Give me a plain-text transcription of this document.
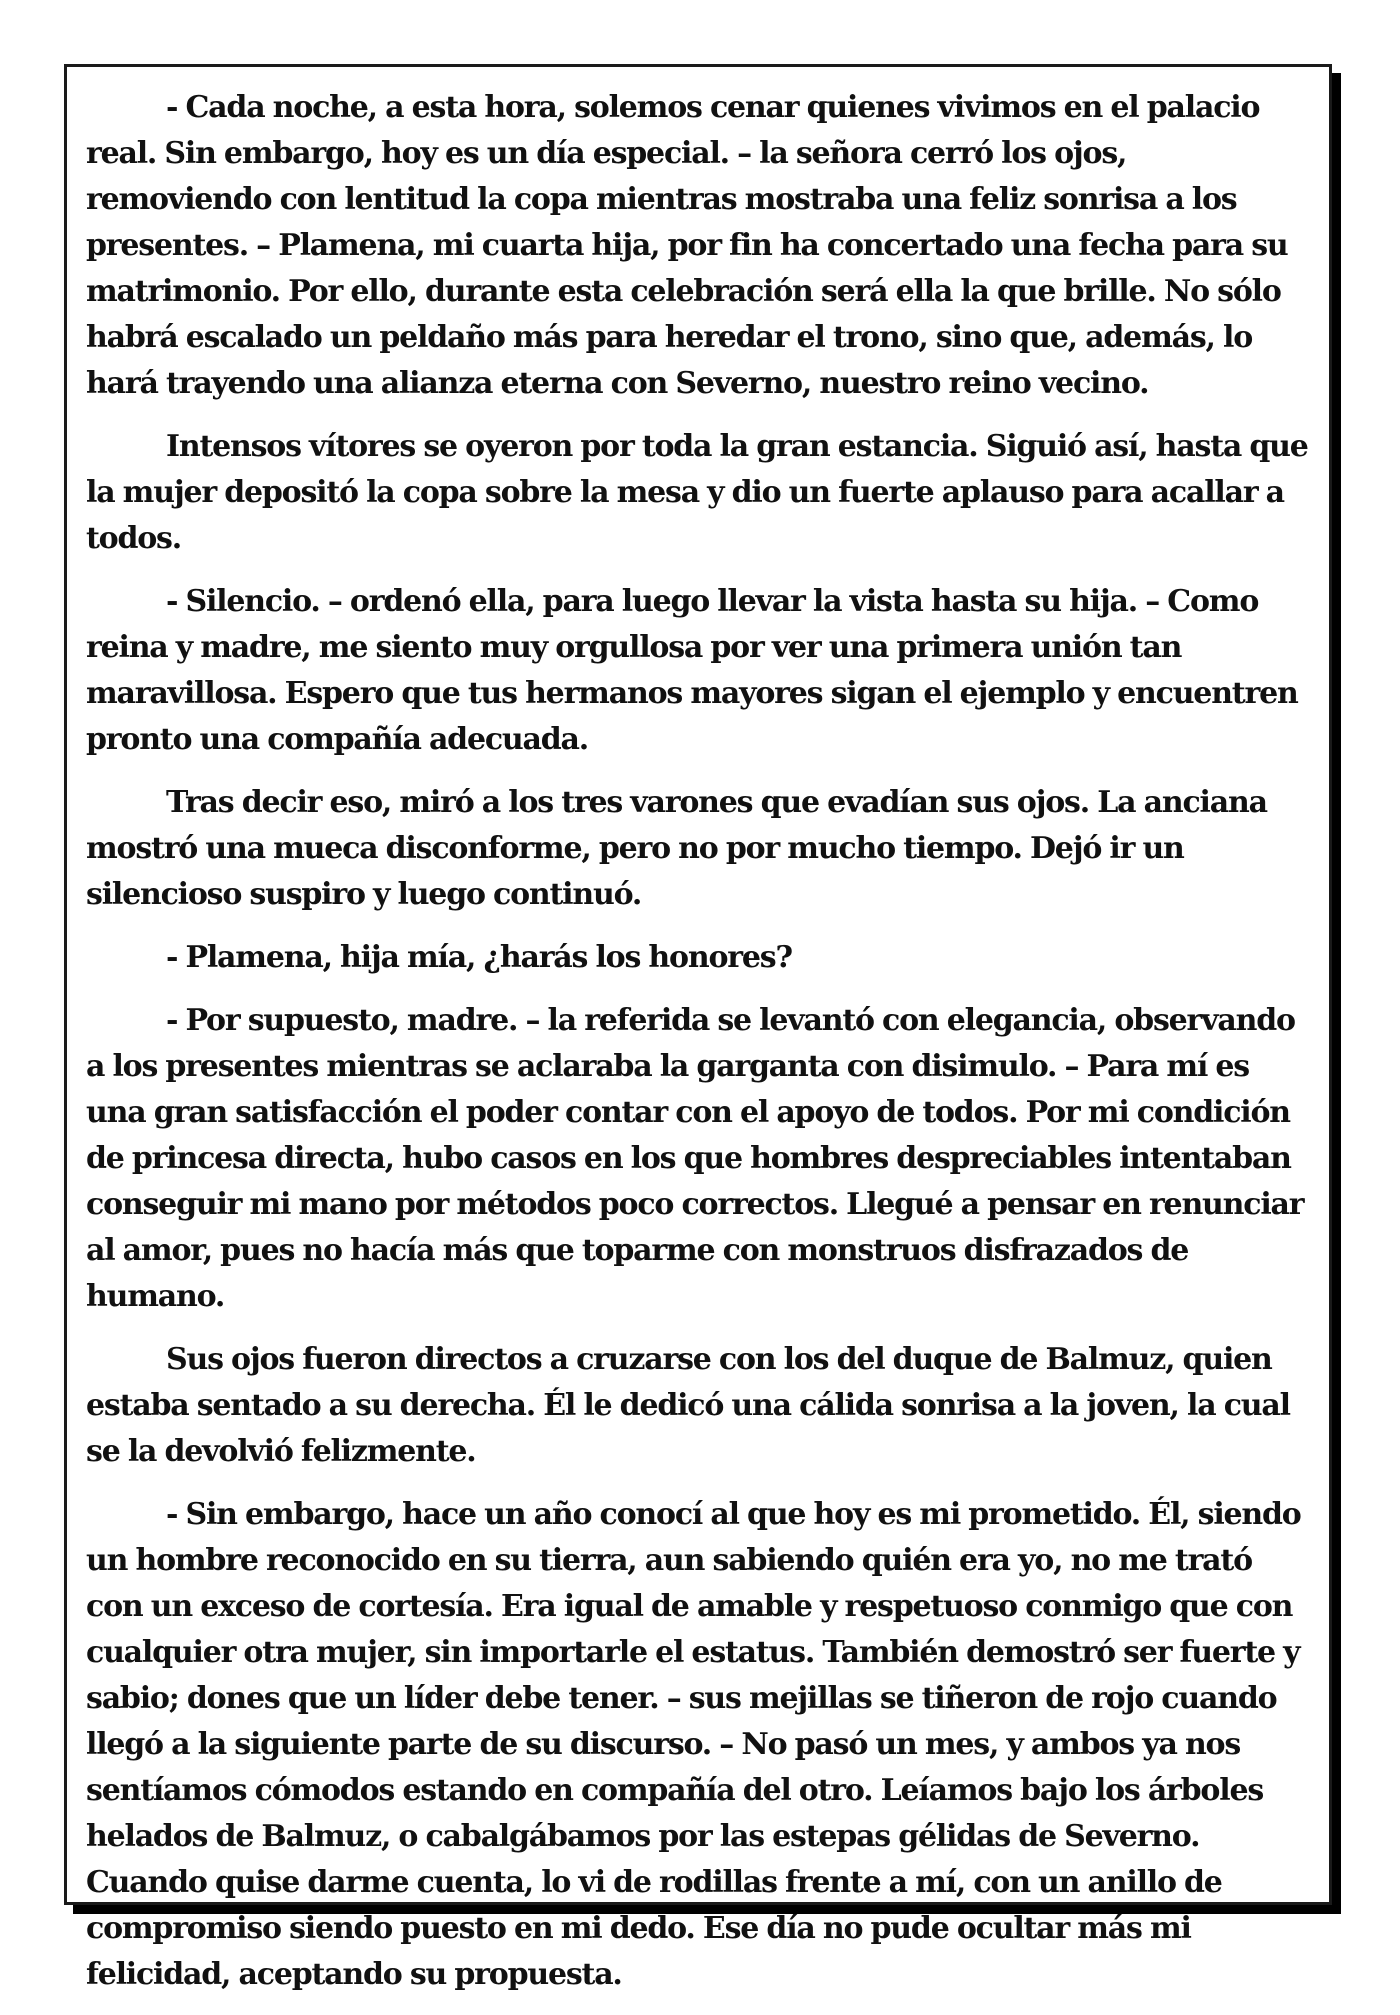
- Cada noche, a esta hora, solemos cenar quienes vivimos en el palacio real. Sin embargo, hoy es un día especial. – la señora cerró los ojos, removiendo con lentitud la copa mientras mostraba una feliz sonrisa a los presentes. – Plamena, mi cuarta hija, por fin ha concertado una fecha para su matrimonio. Por ello, durante esta celebración será ella la que brille. No sólo habrá escalado un peldaño más para heredar el trono, sino que, además, lo hará trayendo una alianza eterna con Severno, nuestro reino vecino.

Intensos vítores se oyeron por toda la gran estancia. Siguió así, hasta que la mujer depositó la copa sobre la mesa y dio un fuerte aplauso para acallar a todos.

- Silencio. – ordenó ella, para luego llevar la vista hasta su hija. – Como reina y madre, me siento muy orgullosa por ver una primera unión tan maravillosa. Espero que tus hermanos mayores sigan el ejemplo y encuentren pronto una compañía adecuada.

Tras decir eso, miró a los tres varones que evadían sus ojos. La anciana mostró una mueca disconforme, pero no por mucho tiempo. Dejó ir un silencioso suspiro y luego continuó.

- Plamena, hija mía, ¿harás los honores?

- Por supuesto, madre. – la referida se levantó con elegancia, observando a los presentes mientras se aclaraba la garganta con disimulo. – Para mí es una gran satisfacción el poder contar con el apoyo de todos. Por mi condición de princesa directa, hubo casos en los que hombres despreciables intentaban conseguir mi mano por métodos poco correctos. Llegué a pensar en renunciar al amor, pues no hacía más que toparme con monstruos disfrazados de humano.

Sus ojos fueron directos a cruzarse con los del duque de Balmuz, quien estaba sentado a su derecha. Él le dedicó una cálida sonrisa a la joven, la cual se la devolvió felizmente.

- Sin embargo, hace un año conocí al que hoy es mi prometido. Él, siendo un hombre reconocido en su tierra, aun sabiendo quién era yo, no me trató con un exceso de cortesía. Era igual de amable y respetuoso conmigo que con cualquier otra mujer, sin importarle el estatus. También demostró ser fuerte y sabio; dones que un líder debe tener. – sus mejillas se tiñeron de rojo cuando llegó a la siguiente parte de su discurso. – No pasó un mes, y ambos ya nos sentíamos cómodos estando en compañía del otro. Leíamos bajo los árboles helados de Balmuz, o cabalgábamos por las estepas gélidas de Severno. Cuando quise darme cuenta, lo vi de rodillas frente a mí, con un anillo de compromiso siendo puesto en mi dedo. Ese día no pude ocultar más mi felicidad, aceptando su propuesta.
